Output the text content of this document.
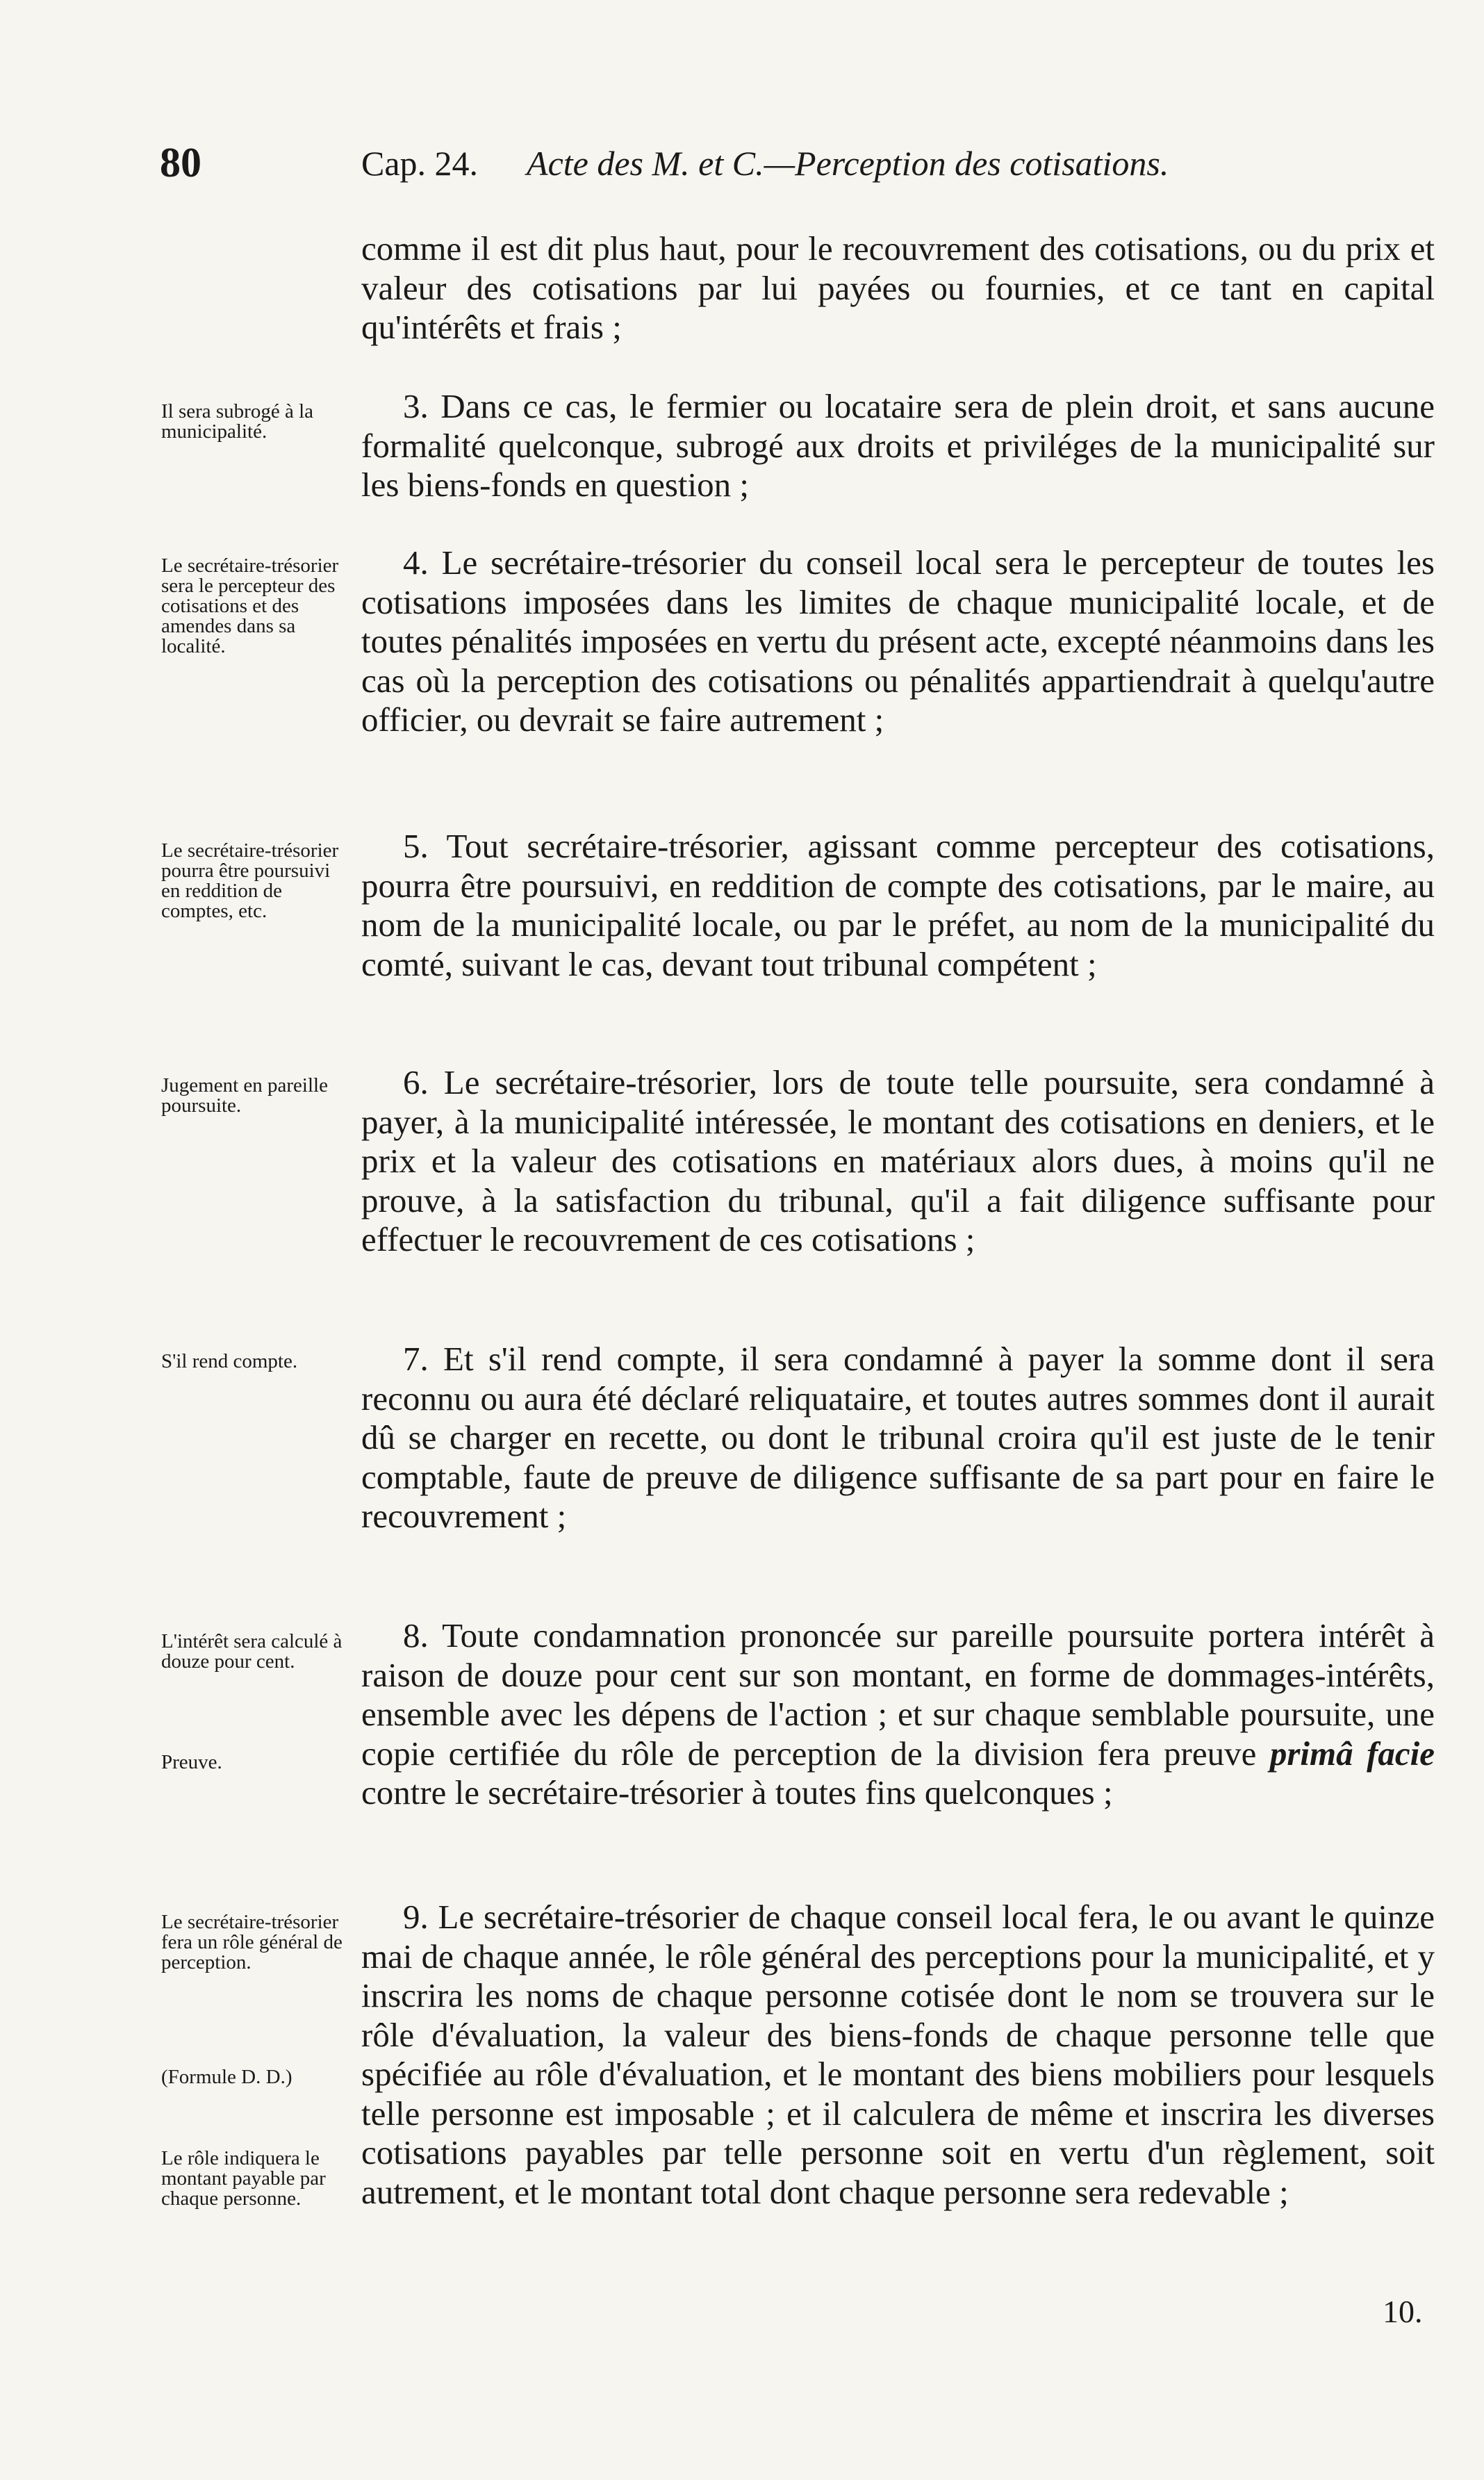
80	Cap. 24. Acte des M. et C.—Perception des cotisations.
comme il est dit plus haut, pour le recouvrement des cotisations, ou du prix et valeur des cotisations par lui payées ou fournies, et ce tant en capital qu'intérêts et frais ;
Il sera subrogé à la municipalité.
3. Dans ce cas, le fermier ou locataire sera de plein droit, et sans aucune formalité quelconque, subrogé aux droits et priviléges de la municipalité sur les biens-fonds en question ;
Le secrétaire-trésorier sera le percepteur des cotisations et des amendes dans sa localité.
4. Le secrétaire-trésorier du conseil local sera le percepteur de toutes les cotisations imposées dans les limites de chaque municipalité locale, et de toutes pénalités imposées en vertu du présent acte, excepté néanmoins dans les cas où la perception des cotisations ou pénalités appartiendrait à quelqu'autre officier, ou devrait se faire autrement ;
Le secrétaire-trésorier pourra être poursuivi en reddition de comptes, etc.
5. Tout secrétaire-trésorier, agissant comme percepteur des cotisations, pourra être poursuivi, en reddition de compte des cotisations, par le maire, au nom de la municipalité locale, ou par le préfet, au nom de la municipalité du comté, suivant le cas, devant tout tribunal compétent ;
Jugement en pareille poursuite.
6. Le secrétaire-trésorier, lors de toute telle poursuite, sera condamné à payer, à la municipalité intéressée, le montant des cotisations en deniers, et le prix et la valeur des cotisations en matériaux alors dues, à moins qu'il ne prouve, à la satisfaction du tribunal, qu'il a fait diligence suffisante pour effectuer le recouvrement de ces cotisations ;
S'il rend compte.	7. Et s'il rend compte, il sera condamné à payer la somme dont il sera reconnu ou aura été déclaré reliquataire, et toutes autres sommes dont il aurait dû se charger en recette, ou dont le tribunal croira qu'il est juste de le tenir comptable, faute de preuve de diligence suffisante de sa part pour en faire le recouvrement ;
L'intérêt sera calculé à douze pour cent.
Preuve.
8. Toute condamnation prononcée sur pareille poursuite portera intérêt à raison de douze pour cent sur son montant, en forme de dommages-intérêts, ensemble avec les dépens de l'action ; et sur chaque semblable poursuite, une copie certifiée du rôle de perception de la division fera preuve primâ facie contre le secrétaire-trésorier à toutes fins quelconques ;
Le secrétaire-trésorier fera un rôle général de perception.
(Formule D. D.)
Le rôle indiquera le montant payable par chaque personne.
9. Le secrétaire-trésorier de chaque conseil local fera, le ou avant le quinze mai de chaque année, le rôle général des perceptions pour la municipalité, et y inscrira les noms de chaque personne cotisée dont le nom se trouvera sur le rôle d'évaluation, la valeur des biens-fonds de chaque personne telle que spécifiée au rôle d'évaluation, et le montant des biens mobiliers pour lesquels telle personne est imposable ; et il calculera de même et inscrira les diverses cotisations payables par telle personne soit en vertu d'un règlement, soit autrement, et le montant total dont chaque personne sera redevable ;
10.
